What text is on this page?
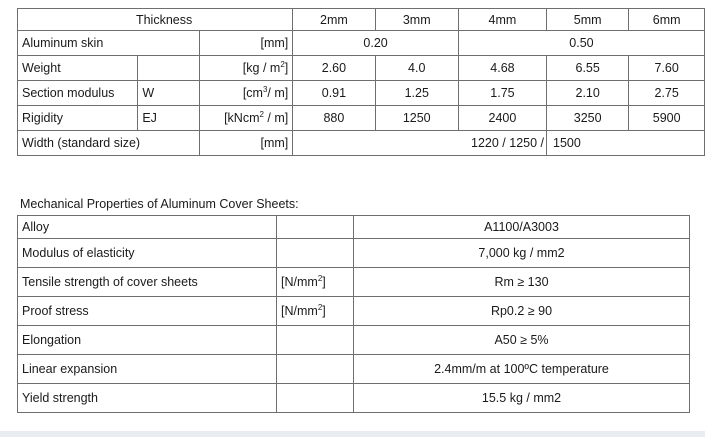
Thickness			2mm	3mm	4mm	5mm	6mm
Aluminum skin		[mm]	0.20		0.50		
Weight		$[kg / m^2]$	2.60	4.0	4.68	6.55	7.60
Section modulus	W	[$cm^3/$ m]	0.91	1.25	1.75	2.10	2.75
Rigidity	EJ	[kNcm$^2$ / m]	880	1250	2400	3250	5900
Width (standard size)		[mm]	1220 / 1250 /			1500	
Mechanical Properties of Aluminum Cover Sheets:
Alloy		A1100/A3003
Modulus of elasticity		7,000 kg / mm2
Tensile strength of cover sheets	$[N/mm^2]$	Rm ≥ 130
Proof stress	$[N/mm^2]$	Rp0.2 ≥ 90
Elongation		A50 ≥ 5%
Linear expansion		2.4mm/m at 100ºC temperature
Yield strength		15.5 kg / mm2
